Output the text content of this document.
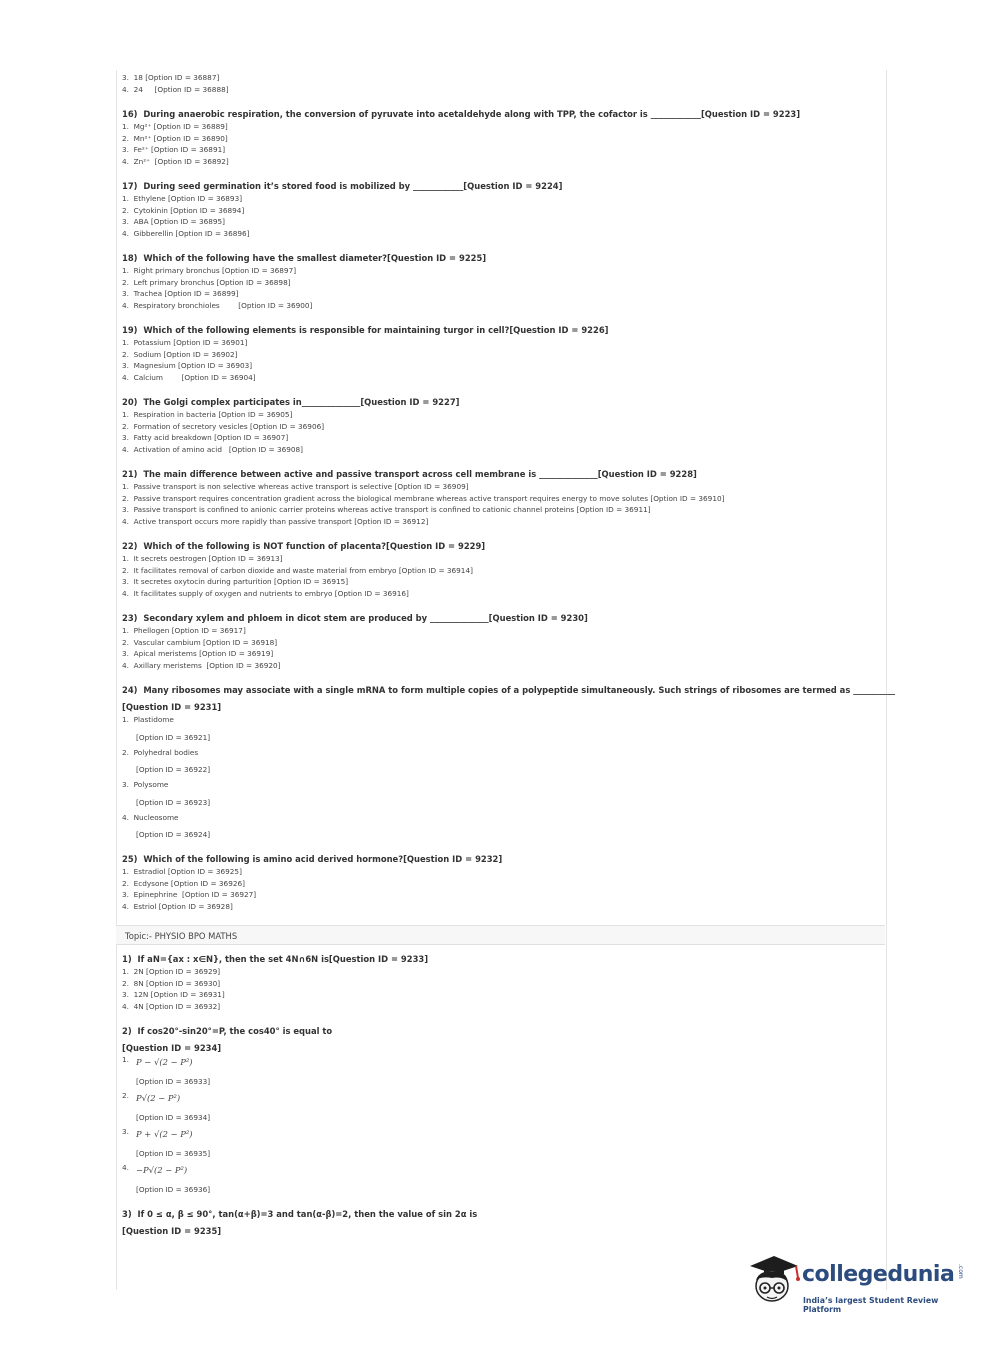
3.  18 [Option ID = 36887]
4.  24     [Option ID = 36888]
16)  During anaerobic respiration, the conversion of pyruvate into acetaldehyde along with TPP, the cofactor is ____________[Question ID = 9223]
1.  Mg²⁺ [Option ID = 36889]
2.  Mn²⁺ [Option ID = 36890]
3.  Fe²⁺ [Option ID = 36891]
4.  Zn²⁺  [Option ID = 36892]
17)  During seed germination it’s stored food is mobilized by ____________[Question ID = 9224]
1.  Ethylene [Option ID = 36893]
2.  Cytokinin [Option ID = 36894]
3.  ABA [Option ID = 36895]
4.  Gibberellin [Option ID = 36896]
18)  Which of the following have the smallest diameter?[Question ID = 9225]
1.  Right primary bronchus [Option ID = 36897]
2.  Left primary bronchus [Option ID = 36898]
3.  Trachea [Option ID = 36899]
4.  Respiratory bronchioles        [Option ID = 36900]
19)  Which of the following elements is responsible for maintaining turgor in cell?[Question ID = 9226]
1.  Potassium [Option ID = 36901]
2.  Sodium [Option ID = 36902]
3.  Magnesium [Option ID = 36903]
4.  Calcium        [Option ID = 36904]
20)  The Golgi complex participates in______________[Question ID = 9227]
1.  Respiration in bacteria [Option ID = 36905]
2.  Formation of secretory vesicles [Option ID = 36906]
3.  Fatty acid breakdown [Option ID = 36907]
4.  Activation of amino acid   [Option ID = 36908]
21)  The main difference between active and passive transport across cell membrane is ______________[Question ID = 9228]
1.  Passive transport is non selective whereas active transport is selective [Option ID = 36909]
2.  Passive transport requires concentration gradient across the biological membrane whereas active transport requires energy to move solutes [Option ID = 36910]
3.  Passive transport is confined to anionic carrier proteins whereas active transport is confined to cationic channel proteins [Option ID = 36911]
4.  Active transport occurs more rapidly than passive transport [Option ID = 36912]
22)  Which of the following is NOT function of placenta?[Question ID = 9229]
1.  It secrets oestrogen [Option ID = 36913]
2.  It facilitates removal of carbon dioxide and waste material from embryo [Option ID = 36914]
3.  It secretes oxytocin during parturition [Option ID = 36915]
4.  It facilitates supply of oxygen and nutrients to embryo [Option ID = 36916]
23)  Secondary xylem and phloem in dicot stem are produced by ______________[Question ID = 9230]
1.  Phellogen [Option ID = 36917]
2.  Vascular cambium [Option ID = 36918]
3.  Apical meristems [Option ID = 36919]
4.  Axillary meristems  [Option ID = 36920]
24)  Many ribosomes may associate with a single mRNA to form multiple copies of a polypeptide simultaneously. Such strings of ribosomes are termed as __________
[Question ID = 9231]
1.  Plastidome
[Option ID = 36921]
2.  Polyhedral bodies
[Option ID = 36922]
3.  Polysome
[Option ID = 36923]
4.  Nucleosome
[Option ID = 36924]
25)  Which of the following is amino acid derived hormone?[Question ID = 9232]
1.  Estradiol [Option ID = 36925]
2.  Ecdysone [Option ID = 36926]
3.  Epinephrine  [Option ID = 36927]
4.  Estriol [Option ID = 36928]
Topic:- PHYSIO BPO MATHS
1)  If aN={ax : x∈N}, then the set 4N∩6N is[Question ID = 9233]
1.  2N [Option ID = 36929]
2.  8N [Option ID = 36930]
3.  12N [Option ID = 36931]
4.  4N [Option ID = 36932]
2)  If cos20°-sin20°=P, the cos40° is equal to
[Question ID = 9234]
1. P − √(2 − P²)
[Option ID = 36933]
2. P√(2 − P²)
[Option ID = 36934]
3. P + √(2 − P²)
[Option ID = 36935]
4. −P√(2 − P²)
[Option ID = 36936]
3)  If 0 ≤ α, β ≤ 90°, tan(α+β)=3 and tan(α-β)=2, then the value of sin 2α is
[Question ID = 9235]
collegedunia .com
India’s largest Student Review Platform
